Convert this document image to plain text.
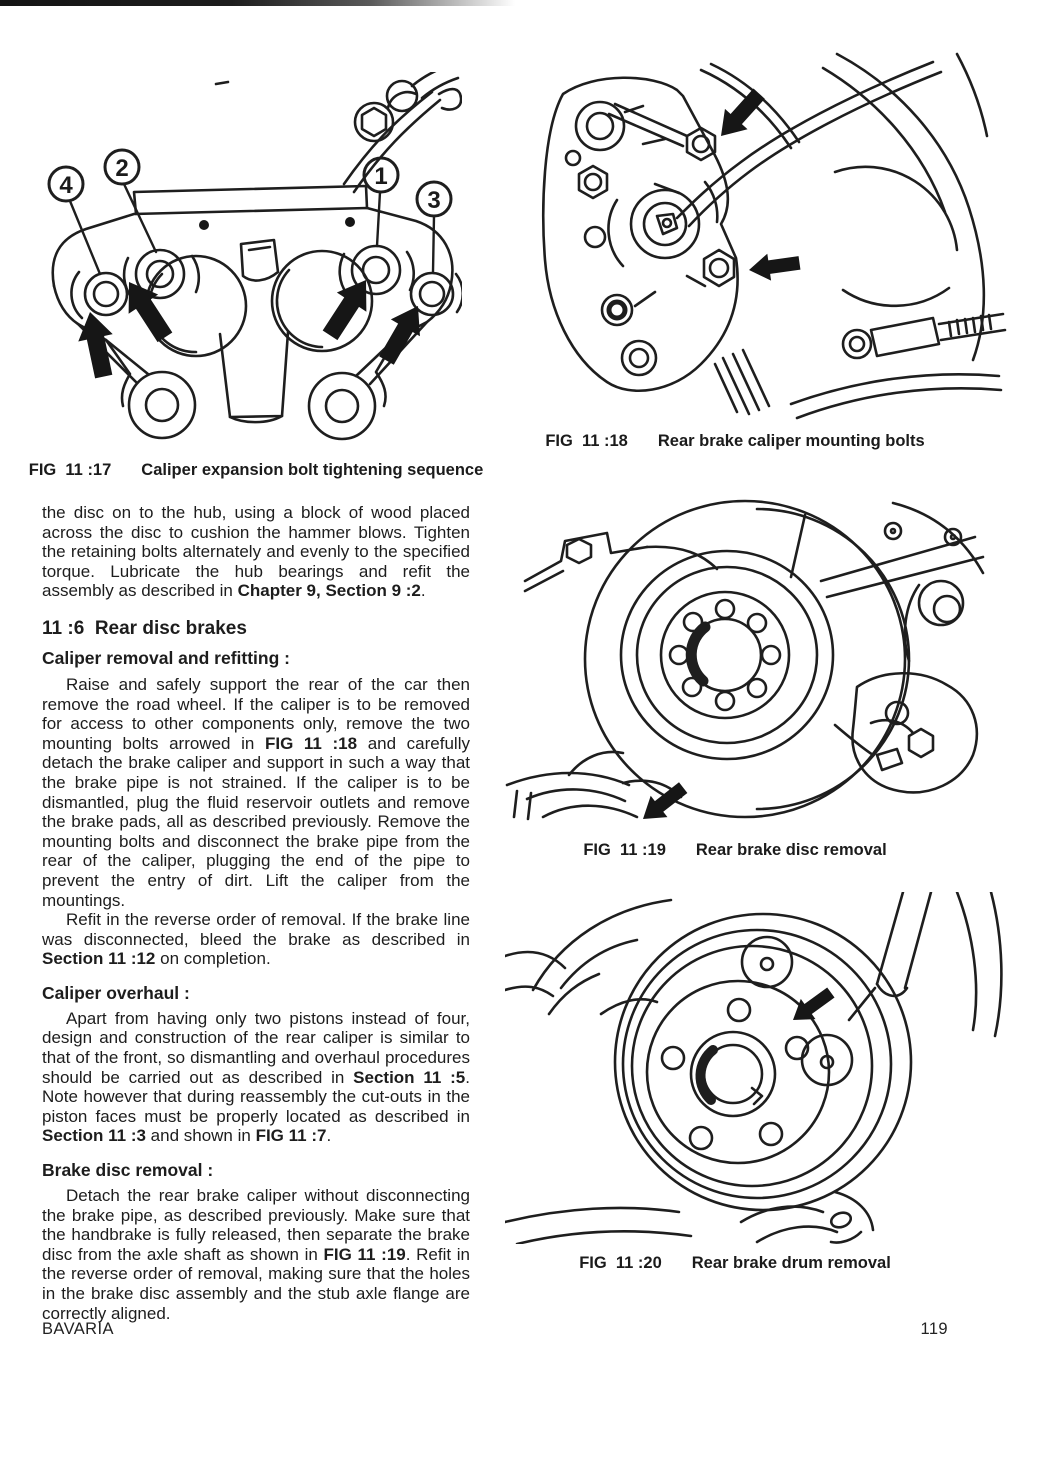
4
2	1
3
FIG  11 :17 Caliper expansion bolt tightening sequence
FIG  11 :18 Rear brake caliper mounting bolts
FIG  11 :19 Rear brake disc removal
FIG  11 :20 Rear brake drum removal

the disc on to the hub, using a block of wood placed across the disc to cushion the hammer blows. Tighten the retaining bolts alternately and evenly to the specified torque. Lubricate the hub bearings and refit the assembly as described in Chapter 9, Section 9 :2.

11 :6  Rear disc brakes
Caliper removal and refitting :

Raise and safely support the rear of the car then remove the road wheel. If the caliper is to be removed for access to other components only, remove the two mounting bolts arrowed in FIG 11 :18 and carefully detach the brake caliper and support in such a way that the brake pipe is not strained. If the caliper is to be dismantled, plug the fluid reservoir outlets and remove the brake pads, all as described previously. Remove the mounting bolts and disconnect the brake pipe from the rear of the caliper, plugging the end of the pipe to prevent the entry of dirt. Lift the caliper from the mountings.

Refit in the reverse order of removal. If the brake line was disconnected, bleed the brake as described in Section 11 :12 on completion.

Caliper overhaul :

Apart from having only two pistons instead of four, design and construction of the rear caliper is similar to that of the front, so dismantling and overhaul procedures should be carried out as described in Section 11 :5. Note however that during reassembly the cut-outs in the piston faces must be properly located as described in Section 11 :3 and shown in FIG 11 :7.

Brake disc removal :

Detach the rear brake caliper without disconnecting the brake pipe, as described previously. Make sure that the handbrake is fully released, then separate the brake disc from the axle shaft as shown in FIG 11 :19. Refit in the reverse order of removal, making sure that the holes in the brake disc assembly and the stub axle flange are correctly aligned.

BAVARIA	119
